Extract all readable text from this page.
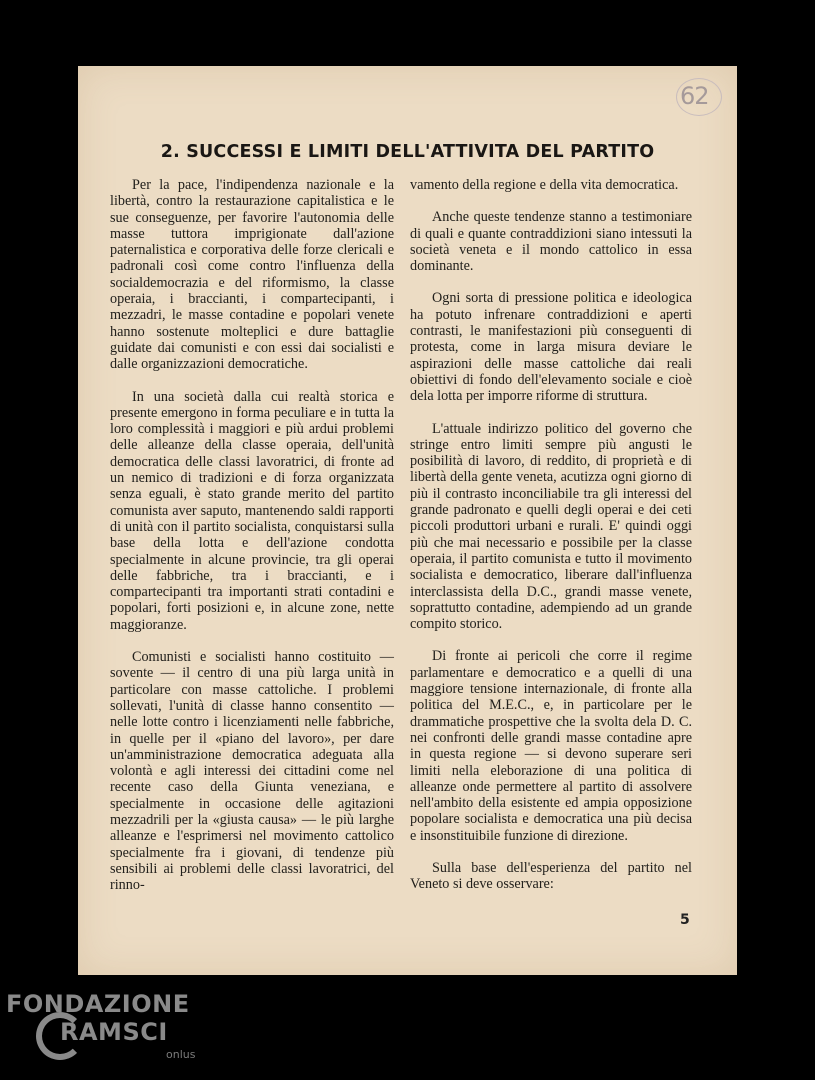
62
2. SUCCESSI E LIMITI DELL'ATTIVITA DEL PARTITO

Per la pace, l'indipendenza nazionale e la libertà, contro la restaurazione capitalistica e le sue conseguenze, per favorire l'autonomia delle masse tuttora imprigionate dall'azione paternalistica e corporativa delle forze clericali e padronali così come contro l'influenza della socialdemocrazia e del riformismo, la classe operaia, i braccianti, i compartecipanti, i mezzadri, le masse contadine e popolari venete hanno sostenute molteplici e dure battaglie guidate dai comunisti e con essi dai socialisti e dalle organizzazioni democratiche.

In una società dalla cui realtà storica e presente emergono in forma peculiare e in tutta la loro complessità i maggiori e più ardui problemi delle alleanze della classe operaia, dell'unità democratica delle classi lavoratrici, di fronte ad un nemico di tradizioni e di forza organizzata senza eguali, è stato grande merito del partito comunista aver saputo, mantenendo saldi rapporti di unità con il partito socialista, conquistarsi sulla base della lotta e dell'azione condotta specialmente in alcune provincie, tra gli operai delle fabbriche, tra i braccianti, e i compartecipanti tra importanti strati contadini e popolari, forti posizioni e, in alcune zone, nette maggioranze.

Comunisti e socialisti hanno costituito — sovente — il centro di una più larga unità in particolare con masse cattoliche. I problemi sollevati, l'unità di classe hanno consentito — nelle lotte contro i licenziamenti nelle fabbriche, in quelle per il «piano del lavoro», per dare un'amministrazione democratica adeguata alla volontà e agli interessi dei cittadini come nel recente caso della Giunta veneziana, e specialmente in occasione delle agitazioni mezzadrili per la «giusta causa» — le più larghe alleanze e l'esprimersi nel movimento cattolico specialmente fra i giovani, di tendenze più sensibili ai problemi delle classi lavoratrici, del rinno-

vamento della regione e della vita democratica.

Anche queste tendenze stanno a testimoniare di quali e quante contraddizioni siano intessuti la società veneta e il mondo cattolico in essa dominante.

Ogni sorta di pressione politica e ideologica ha potuto infrenare contraddizioni e aperti contrasti, le manifestazioni più conseguenti di protesta, come in larga misura deviare le aspirazioni delle masse cattoliche dai reali obiettivi di fondo dell'elevamento sociale e cioè dela lotta per imporre riforme di struttura.

L'attuale indirizzo politico del governo che stringe entro limiti sempre più angusti le posibilità di lavoro, di reddito, di proprietà e di libertà della gente veneta, acutizza ogni giorno di più il contrasto inconciliabile tra gli interessi del grande padronato e quelli degli operai e dei ceti piccoli produttori urbani e rurali. E' quindi oggi più che mai necessario e possibile per la classe operaia, il partito comunista e tutto il movimento socialista e democratico, liberare dall'influenza interclassista della D.C., grandi masse venete, soprattutto contadine, adempiendo ad un grande compito storico.

Di fronte ai pericoli che corre il regime parlamentare e democratico e a quelli di una maggiore tensione internazionale, di fronte alla politica del M.E.C., e, in particolare per le drammatiche prospettive che la svolta dela D. C. nei confronti delle grandi masse contadine apre in questa regione — si devono superare seri limiti nella eleborazione di una politica di alleanze onde permettere al partito di assolvere nell'ambito della esistente ed ampia opposizione popolare socialista e democratica una più decisa e insonstituibile funzione di direzione.

Sulla base dell'esperienza del partito nel Veneto si deve osservare:

5
FONDAZIONE
RAMSCI
onlus
